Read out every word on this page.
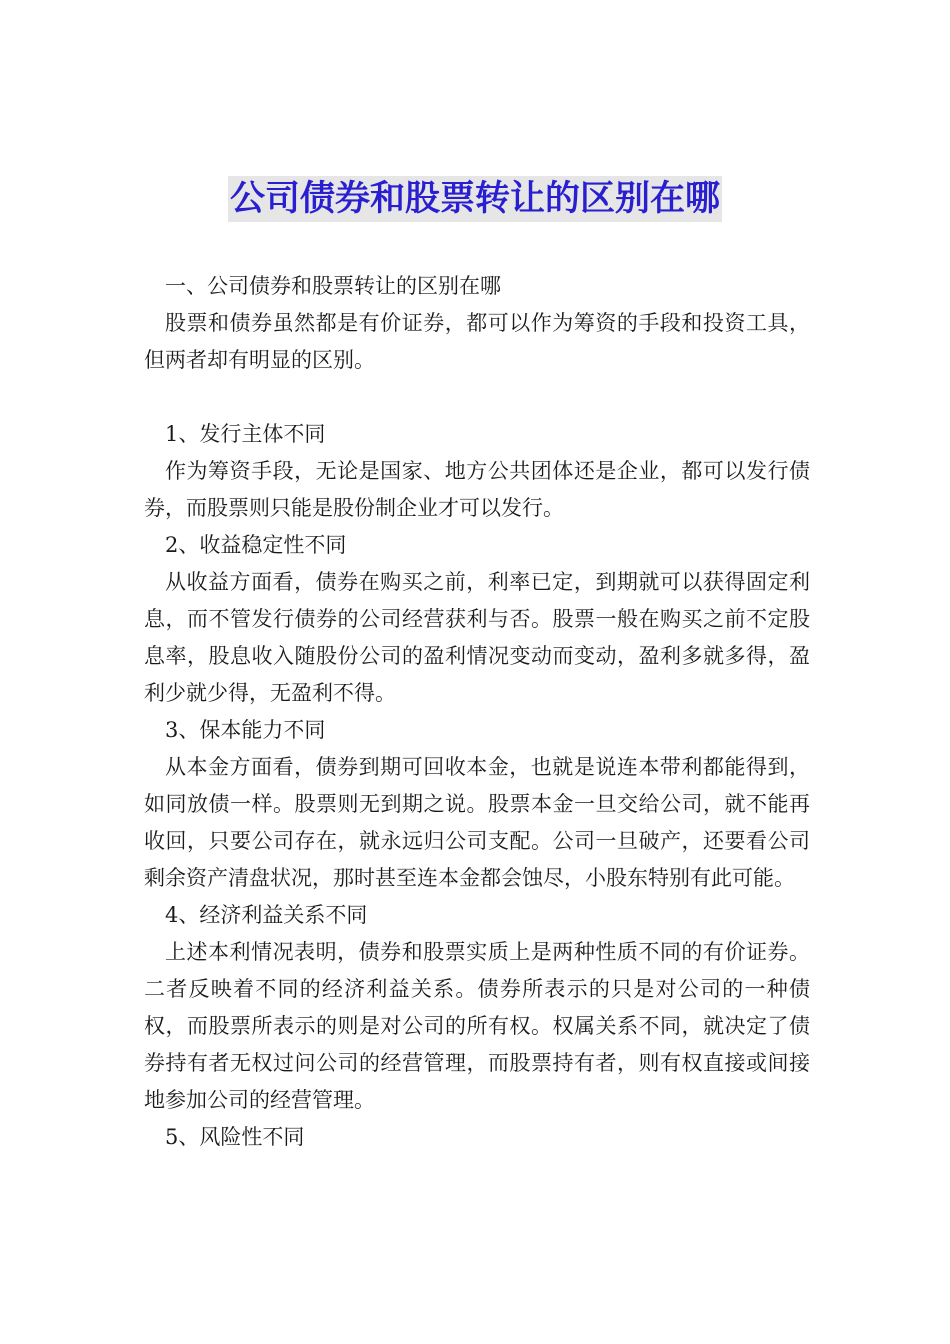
公司债券和股票转让的区别在哪

一、公司债券和股票转让的区别在哪

股票和债券虽然都是有价证券，都可以作为筹资的手段和投资工具，但两者却有明显的区别。

1、发行主体不同

作为筹资手段，无论是国家、地方公共团体还是企业，都可以发行债券，而股票则只能是股份制企业才可以发行。

2、收益稳定性不同

从收益方面看，债券在购买之前，利率已定，到期就可以获得固定利息，而不管发行债券的公司经营获利与否。股票一般在购买之前不定股息率，股息收入随股份公司的盈利情况变动而变动，盈利多就多得，盈利少就少得，无盈利不得。

3、保本能力不同

从本金方面看，债券到期可回收本金，也就是说连本带利都能得到，如同放债一样。股票则无到期之说。股票本金一旦交给公司，就不能再收回，只要公司存在，就永远归公司支配。公司一旦破产，还要看公司剩余资产清盘状况，那时甚至连本金都会蚀尽，小股东特别有此可能。

4、经济利益关系不同

上述本利情况表明，债券和股票实质上是两种性质不同的有价证券。二者反映着不同的经济利益关系。债券所表示的只是对公司的一种债权，而股票所表示的则是对公司的所有权。权属关系不同，就决定了债券持有者无权过问公司的经营管理，而股票持有者，则有权直接或间接地参加公司的经营管理。

5、风险性不同
